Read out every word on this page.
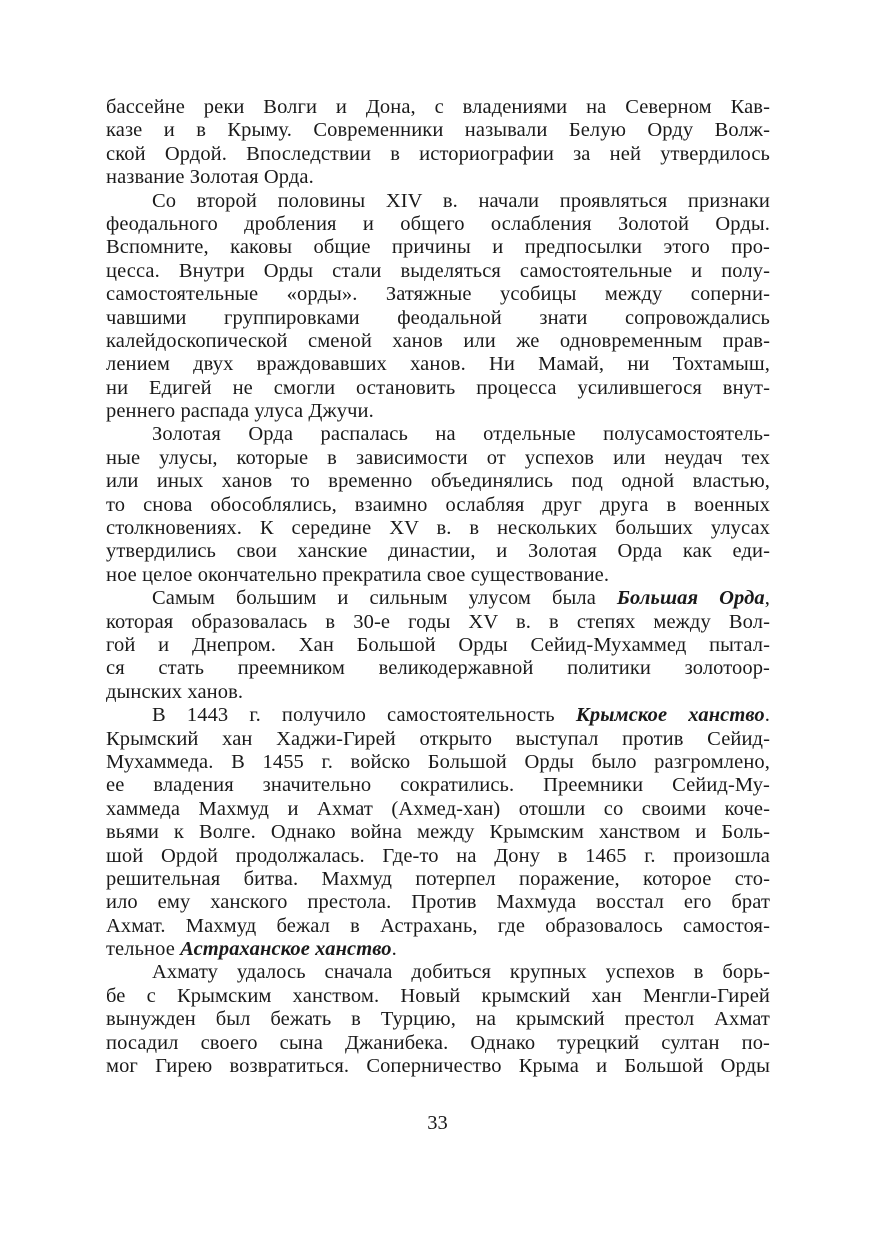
бассейне реки Волги и Дона, с владениями на Северном Кав-
казе и в Крыму. Современники называли Белую Орду Волж-
ской Ордой. Впоследствии в историографии за ней утвердилось
название Золотая Орда.
Со второй половины XIV в. начали проявляться признаки
феодального дробления и общего ослабления Золотой Орды.
Вспомните, каковы общие причины и предпосылки этого про-
цесса. Внутри Орды стали выделяться самостоятельные и полу-
самостоятельные «орды». Затяжные усобицы между соперни-
чавшими группировками феодальной знати сопровождались
калейдоскопической сменой ханов или же одновременным прав-
лением двух враждовавших ханов. Ни Мамай, ни Тохтамыш,
ни Едигей не смогли остановить процесса усилившегося внут-
реннего распада улуса Джучи.
Золотая Орда распалась на отдельные полусамостоятель-
ные улусы, которые в зависимости от успехов или неудач тех
или иных ханов то временно объединялись под одной властью,
то снова обособлялись, взаимно ослабляя друг друга в военных
столкновениях. К середине XV в. в нескольких больших улусах
утвердились свои ханские династии, и Золотая Орда как еди-
ное целое окончательно прекратила свое существование.
Самым большим и сильным улусом была Большая Орда,
которая образовалась в 30-е годы XV в. в степях между Вол-
гой и Днепром. Хан Большой Орды Сейид-Мухаммед пытал-
ся стать преемником великодержавной политики золотоор-
дынских ханов.
В 1443 г. получило самостоятельность Крымское ханство.
Крымский хан Хаджи-Гирей открыто выступал против Сейид-
Мухаммеда. В 1455 г. войско Большой Орды было разгромлено,
ее владения значительно сократились. Преемники Сейид-Му-
хаммеда Махмуд и Ахмат (Ахмед-хан) отошли со своими коче-
вьями к Волге. Однако война между Крымским ханством и Боль-
шой Ордой продолжалась. Где-то на Дону в 1465 г. произошла
решительная битва. Махмуд потерпел поражение, которое сто-
ило ему ханского престола. Против Махмуда восстал его брат
Ахмат. Махмуд бежал в Астрахань, где образовалось самостоя-
тельное Астраханское ханство.
Ахмату удалось сначала добиться крупных успехов в борь-
бе с Крымским ханством. Новый крымский хан Менгли-Гирей
вынужден был бежать в Турцию, на крымский престол Ахмат
посадил своего сына Джанибека. Однако турецкий султан по-
мог Гирею возвратиться. Соперничество Крыма и Большой Орды
33
